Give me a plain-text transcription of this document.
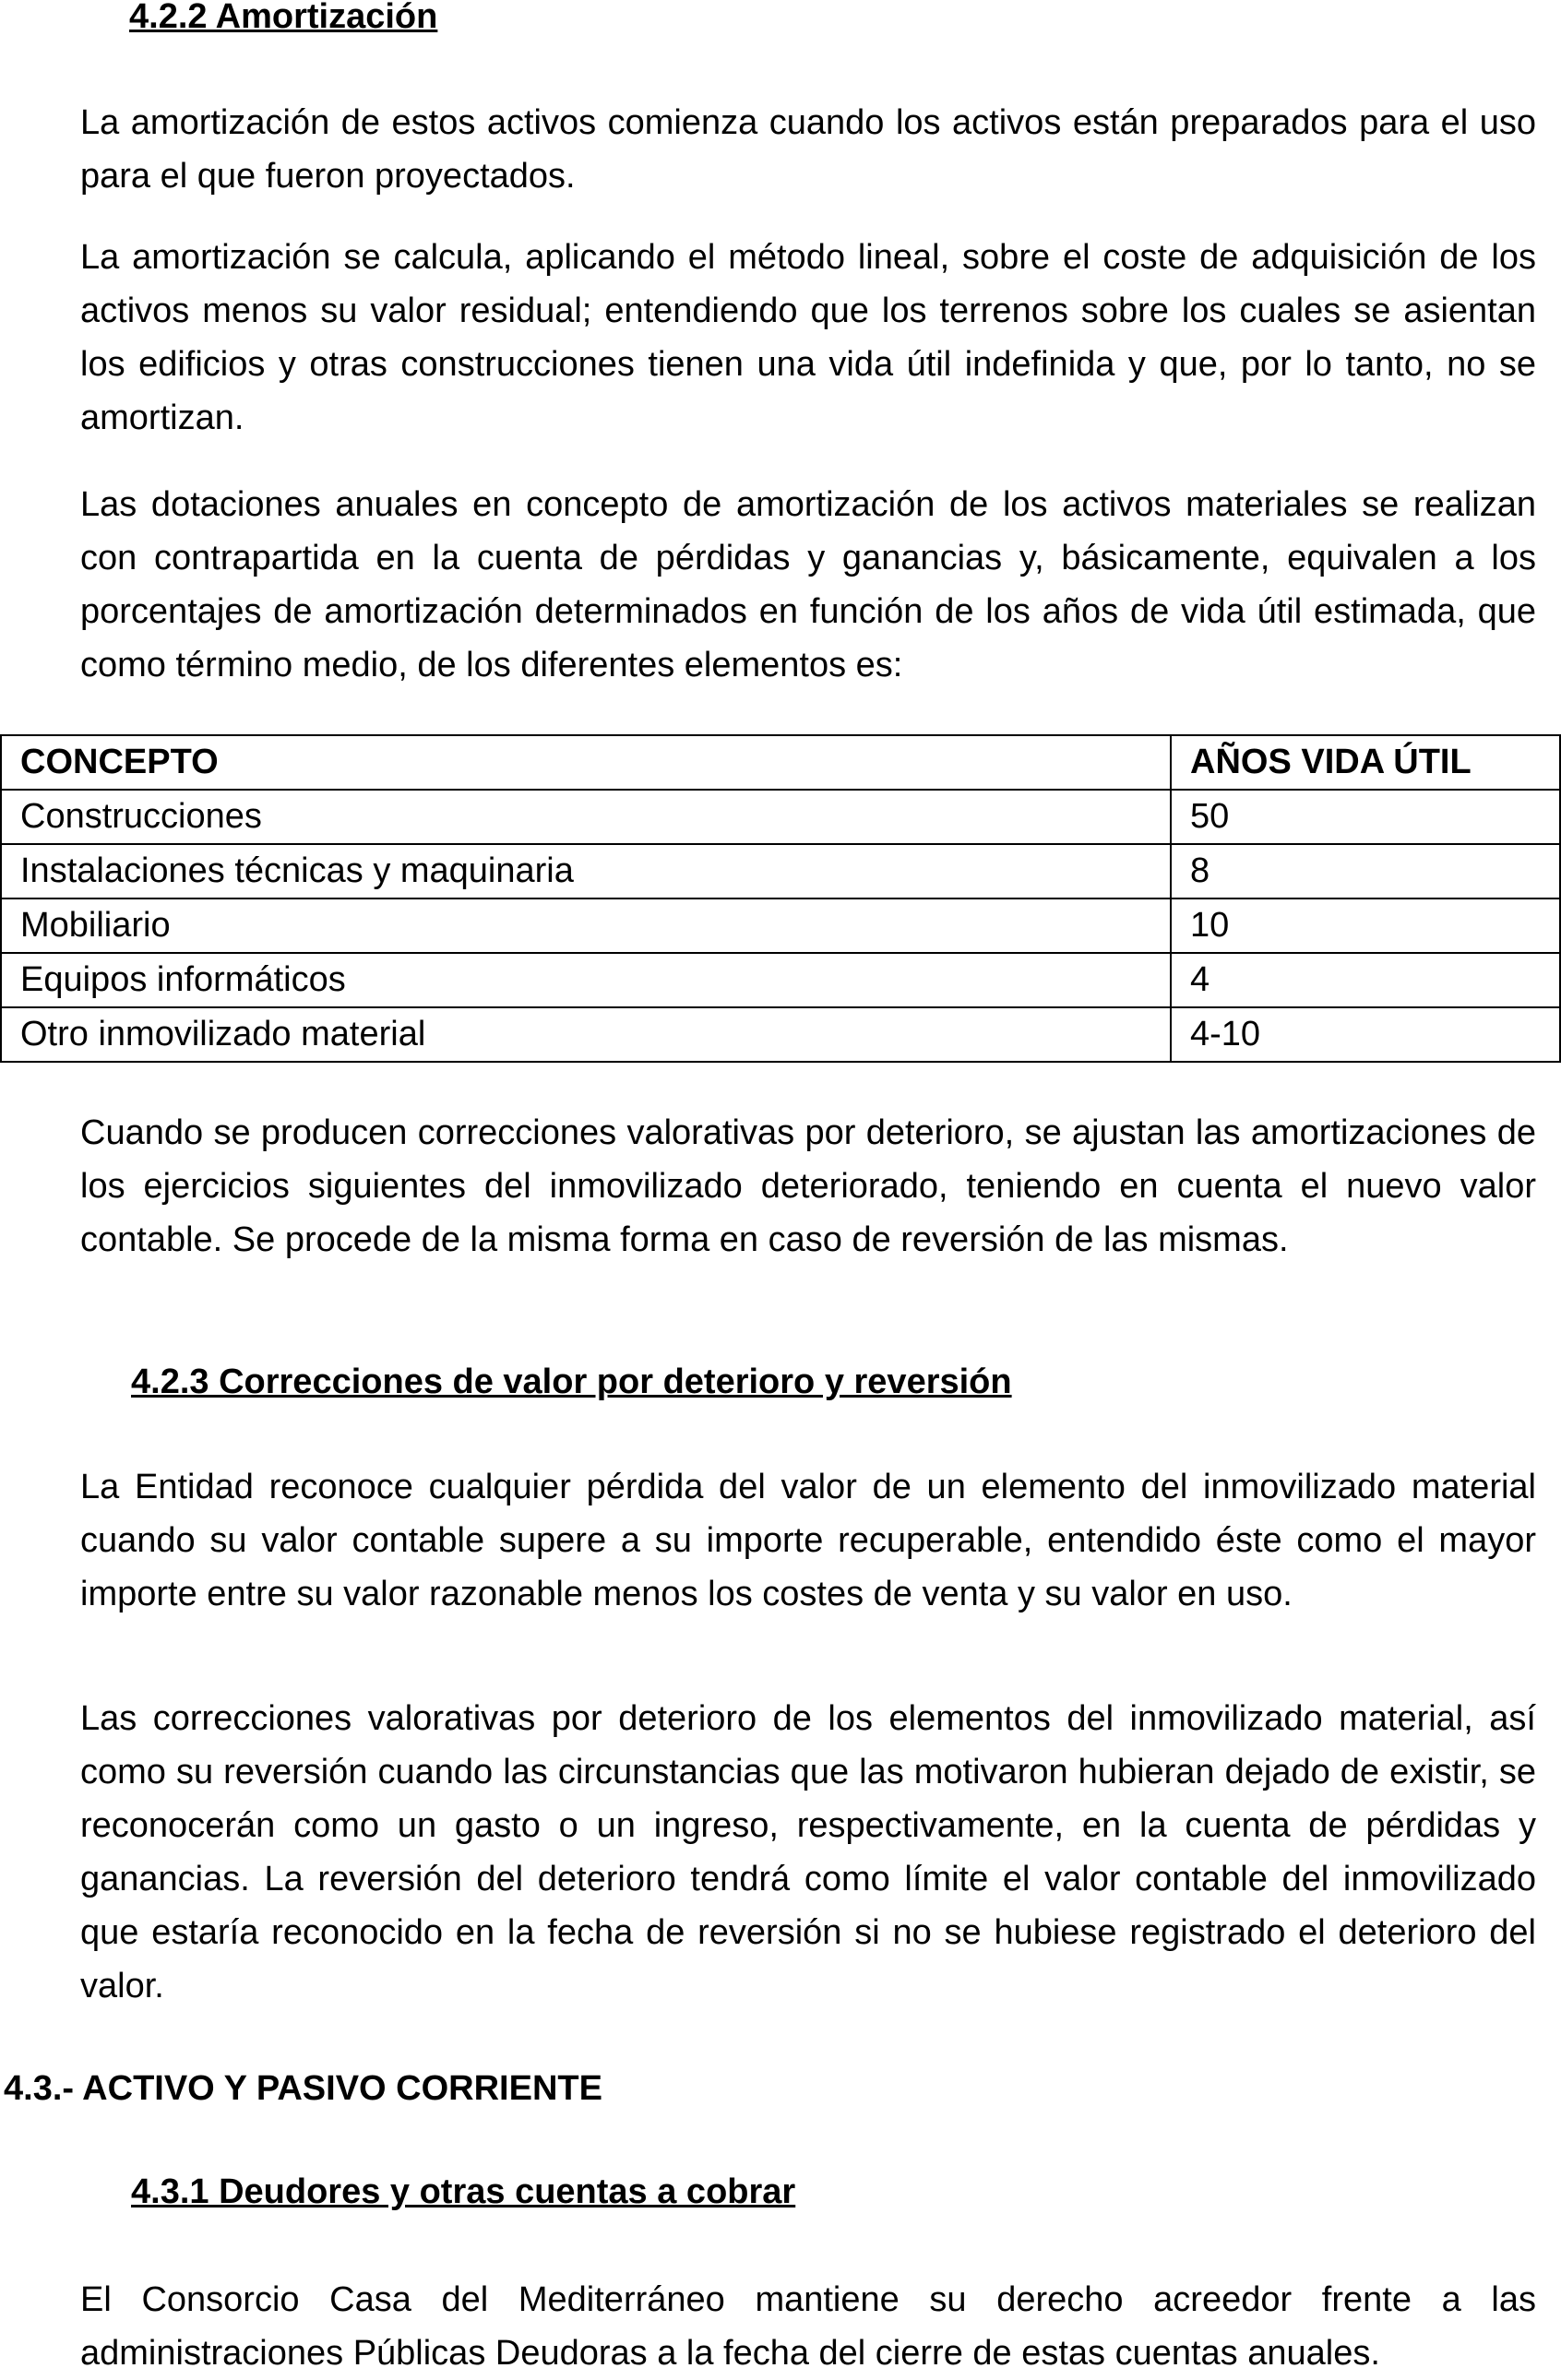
4.2.2 Amortización

La amortización de estos activos comienza cuando los activos están preparados para el uso para el que fueron proyectados.

La amortización se calcula, aplicando el método lineal, sobre el coste de adquisición de los activos menos su valor residual; entendiendo que los terrenos sobre los cuales se asientan los edificios y otras construcciones tienen una vida útil indefinida y que, por lo tanto, no se amortizan.

Las dotaciones anuales en concepto de amortización de los activos materiales se realizan con contrapartida en la cuenta de pérdidas y ganancias y, básicamente, equivalen a los porcentajes de amortización determinados en función de los años de vida útil estimada, que como término medio, de los diferentes elementos es:

CONCEPTO	AÑOS VIDA ÚTIL
Construcciones	50
Instalaciones técnicas y maquinaria	8
Mobiliario	10
Equipos informáticos	4
Otro inmovilizado material	4-10

Cuando se producen correcciones valorativas por deterioro, se ajustan las amortizaciones de los ejercicios siguientes del inmovilizado deteriorado, teniendo en cuenta el nuevo valor contable. Se procede de la misma forma en caso de reversión de las mismas.

4.2.3 Correcciones de valor por deterioro y reversión

La Entidad reconoce cualquier pérdida del valor de un elemento del inmovilizado material cuando su valor contable supere a su importe recuperable, entendido éste como el mayor importe entre su valor razonable menos los costes de venta y su valor en uso.

Las correcciones valorativas por deterioro de los elementos del inmovilizado material, así como su reversión cuando las circunstancias que las motivaron hubieran dejado de existir, se reconocerán como un gasto o un ingreso, respectivamente, en la cuenta de pérdidas y ganancias. La reversión del deterioro tendrá como límite el valor contable del inmovilizado que estaría reconocido en la fecha de reversión si no se hubiese registrado el deterioro del valor.

4.3.- ACTIVO Y PASIVO CORRIENTE
4.3.1 Deudores y otras cuentas a cobrar

El Consorcio Casa del Mediterráneo mantiene su derecho acreedor frente a las administraciones Públicas Deudoras a la fecha del cierre de estas cuentas anuales.
